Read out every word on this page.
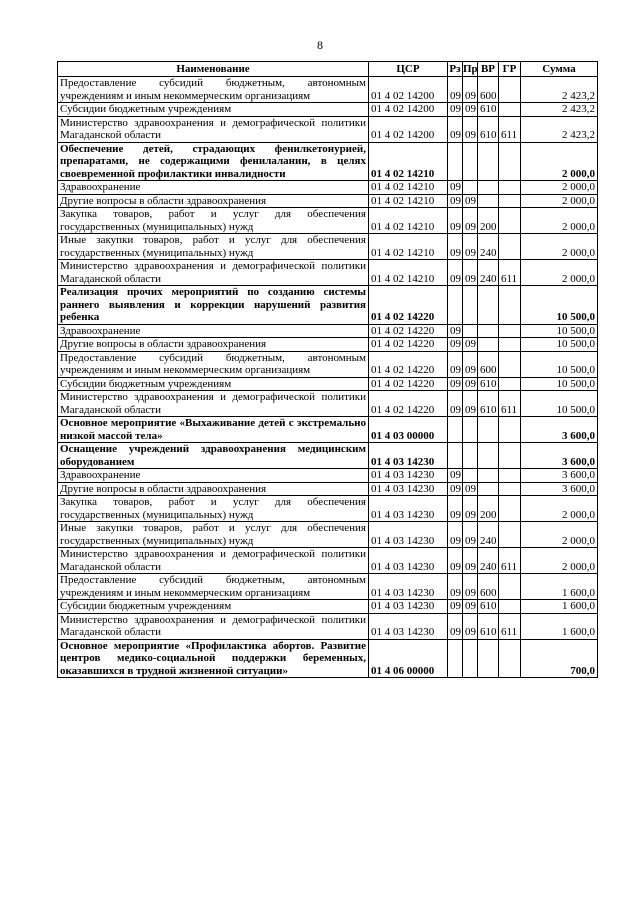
8
Наименование	ЦСР	Рз	Пр	ВР	ГР	Сумма
Предоставление субсидий бюджетным, автономным учреждениям и иным некоммерческим организациям	01 4 02 14200	09	09	600		2 423,2
Субсидии бюджетным учреждениям	01 4 02 14200	09	09	610		2 423,2
Министерство здравоохранения и демографической политики Магаданской области	01 4 02 14200	09	09	610	611	2 423,2
Обеспечение детей, страдающих фенилкетонурией, препаратами, не содержащими фенилаланин, в целях своевременной профилактики инвалидности	01 4 02 14210					2 000,0
Здравоохранение	01 4 02 14210	09				2 000,0
Другие вопросы в области здравоохранения	01 4 02 14210	09	09			2 000,0
Закупка товаров, работ и услуг для обеспечения государственных (муниципальных) нужд	01 4 02 14210	09	09	200		2 000,0
Иные закупки товаров, работ и услуг для обеспечения государственных (муниципальных) нужд	01 4 02 14210	09	09	240		2 000,0
Министерство здравоохранения и демографической политики Магаданской области	01 4 02 14210	09	09	240	611	2 000,0
Реализация прочих мероприятий по созданию системы раннего выявления и коррекции нарушений развития ребенка	01 4 02 14220					10 500,0
Здравоохранение	01 4 02 14220	09				10 500,0
Другие вопросы в области здравоохранения	01 4 02 14220	09	09			10 500,0
Предоставление субсидий бюджетным, автономным учреждениям и иным некоммерческим организациям	01 4 02 14220	09	09	600		10 500,0
Субсидии бюджетным учреждениям	01 4 02 14220	09	09	610		10 500,0
Министерство здравоохранения и демографической политики Магаданской области	01 4 02 14220	09	09	610	611	10 500,0
Основное мероприятие «Выхаживание детей с экстремально низкой массой тела»	01 4 03 00000					3 600,0
Оснащение учреждений здравоохранения медицинским оборудованием	01 4 03 14230					3 600,0
Здравоохранение	01 4 03 14230	09				3 600,0
Другие вопросы в области здравоохранения	01 4 03 14230	09	09			3 600,0
Закупка товаров, работ и услуг для обеспечения государственных (муниципальных) нужд	01 4 03 14230	09	09	200		2 000,0
Иные закупки товаров, работ и услуг для обеспечения государственных (муниципальных) нужд	01 4 03 14230	09	09	240		2 000,0
Министерство здравоохранения и демографической политики Магаданской области	01 4 03 14230	09	09	240	611	2 000,0
Предоставление субсидий бюджетным, автономным учреждениям и иным некоммерческим организациям	01 4 03 14230	09	09	600		1 600,0
Субсидии бюджетным учреждениям	01 4 03 14230	09	09	610		1 600,0
Министерство здравоохранения и демографической политики Магаданской области	01 4 03 14230	09	09	610	611	1 600,0
Основное мероприятие «Профилактика абортов. Развитие центров медико-социальной поддержки беременных, оказавшихся в трудной жизненной ситуации»	01 4 06 00000					700,0
